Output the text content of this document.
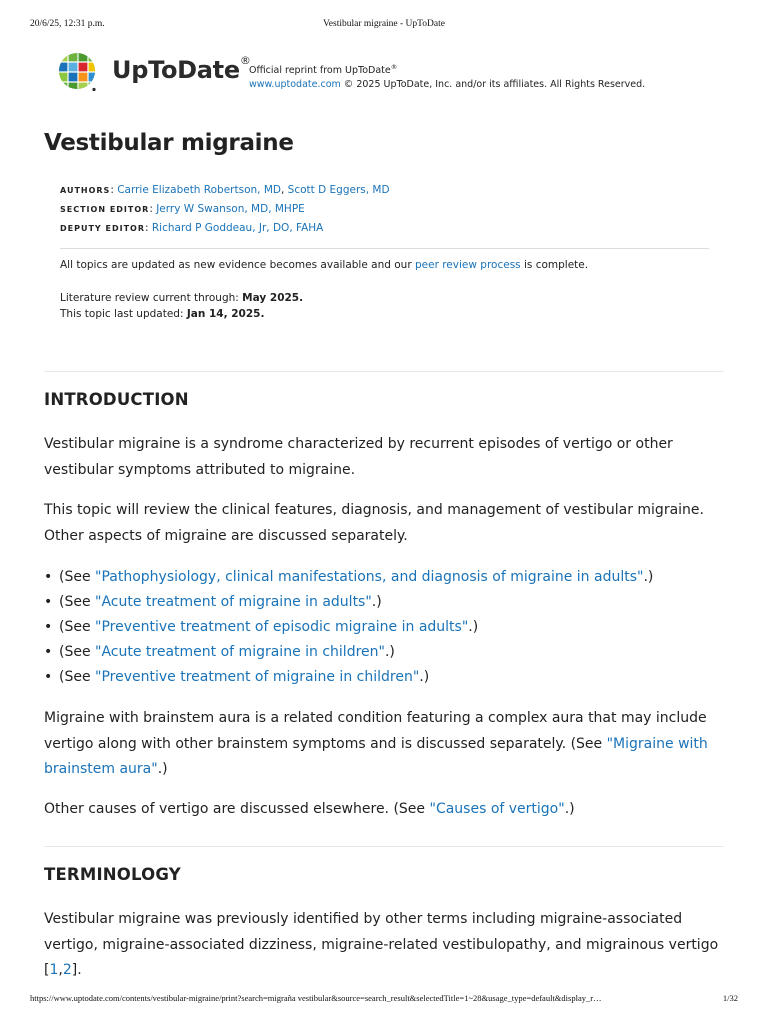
20/6/25, 12:31 p.m.	Vestibular migraine - UpToDate
UpToDate®
Official reprint from UpToDate®
www.uptodate.com © 2025 UpToDate, Inc. and/or its affiliates. All Rights Reserved.
Vestibular migraine
AUTHORS: Carrie Elizabeth Robertson, MD, Scott D Eggers, MD
SECTION EDITOR: Jerry W Swanson, MD, MHPE
DEPUTY EDITOR: Richard P Goddeau, Jr, DO, FAHA
All topics are updated as new evidence becomes available and our peer review process is complete.
Literature review current through: May 2025.
This topic last updated: Jan 14, 2025.
INTRODUCTION

Vestibular migraine is a syndrome characterized by recurrent episodes of vertigo or other vestibular symptoms attributed to migraine.

This topic will review the clinical features, diagnosis, and management of vestibular migraine. Other aspects of migraine are discussed separately.

• (See "Pathophysiology, clinical manifestations, and diagnosis of migraine in adults".)
• (See "Acute treatment of migraine in adults".)
• (See "Preventive treatment of episodic migraine in adults".)
• (See "Acute treatment of migraine in children".)
• (See "Preventive treatment of migraine in children".)

Migraine with brainstem aura is a related condition featuring a complex aura that may include vertigo along with other brainstem symptoms and is discussed separately. (See "Migraine with brainstem aura".)

Other causes of vertigo are discussed elsewhere. (See "Causes of vertigo".)

TERMINOLOGY

Vestibular migraine was previously identified by other terms including migraine-associated vertigo, migraine-associated dizziness, migraine-related vestibulopathy, and migrainous vertigo [1,2].

https://www.uptodate.com/contents/vestibular-migraine/print?search=migraña vestibular&source=search_result&selectedTitle=1~28&usage_type=default&display_r…	1/32
